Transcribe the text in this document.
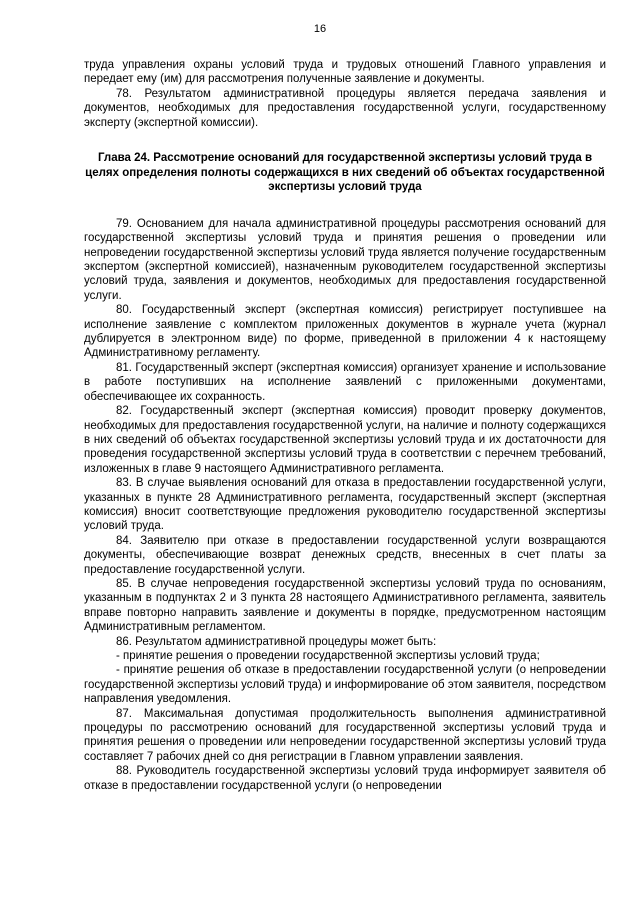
16

труда управления охраны условий труда и трудовых отношений Главного управления и передает ему (им) для рассмотрения полученные заявление и документы.

78. Результатом административной процедуры является передача заявления и документов, необходимых для предоставления государственной услуги, государственному эксперту (экспертной комиссии).

Глава 24. Рассмотрение оснований для государственной экспертизы условий труда в целях определения полноты содержащихся в них сведений об объектах государственной экспертизы условий труда

79. Основанием для начала административной процедуры рассмотрения оснований для государственной экспертизы условий труда и принятия решения о проведении или непроведении государственной экспертизы условий труда является получение государственным экспертом (экспертной комиссией), назначенным руководителем государственной экспертизы условий труда, заявления и документов, необходимых для предоставления государственной услуги.

80. Государственный эксперт (экспертная комиссия) регистрирует поступившее на исполнение заявление с комплектом приложенных документов в журнале учета (журнал дублируется в электронном виде) по форме, приведенной в приложении 4 к настоящему Административному регламенту.

81. Государственный эксперт (экспертная комиссия) организует хранение и использование в работе поступивших на исполнение заявлений с приложенными документами, обеспечивающее их сохранность.

82. Государственный эксперт (экспертная комиссия) проводит проверку документов, необходимых для предоставления государственной услуги, на наличие и полноту содержащихся в них сведений об объектах государственной экспертизы условий труда и их достаточности для проведения государственной экспертизы условий труда в соответствии с перечнем требований, изложенных в главе 9 настоящего Административного регламента.

83. В случае выявления оснований для отказа в предоставлении государственной услуги, указанных в пункте 28 Административного регламента, государственный эксперт (экспертная комиссия) вносит соответствующие предложения руководителю государственной экспертизы условий труда.

84. Заявителю при отказе в предоставлении государственной услуги возвращаются документы, обеспечивающие возврат денежных средств, внесенных в счет платы за предоставление государственной услуги.

85. В случае непроведения государственной экспертизы условий труда по основаниям, указанным в подпунктах 2 и 3 пункта 28 настоящего Административного регламента, заявитель вправе повторно направить заявление и документы в порядке, предусмотренном настоящим Административным регламентом.

86. Результатом административной процедуры может быть:

- принятие решения о проведении государственной экспертизы условий труда;

- принятие решения об отказе в предоставлении государственной услуги (о непроведении государственной экспертизы условий труда) и информирование об этом заявителя, посредством направления уведомления.

87. Максимальная допустимая продолжительность выполнения административной процедуры по рассмотрению оснований для государственной экспертизы условий труда и принятия решения о проведении или непроведении государственной экспертизы условий труда составляет 7 рабочих дней со дня регистрации в Главном управлении заявления.

88. Руководитель государственной экспертизы условий труда информирует заявителя об отказе в предоставлении государственной услуги (о непроведении
